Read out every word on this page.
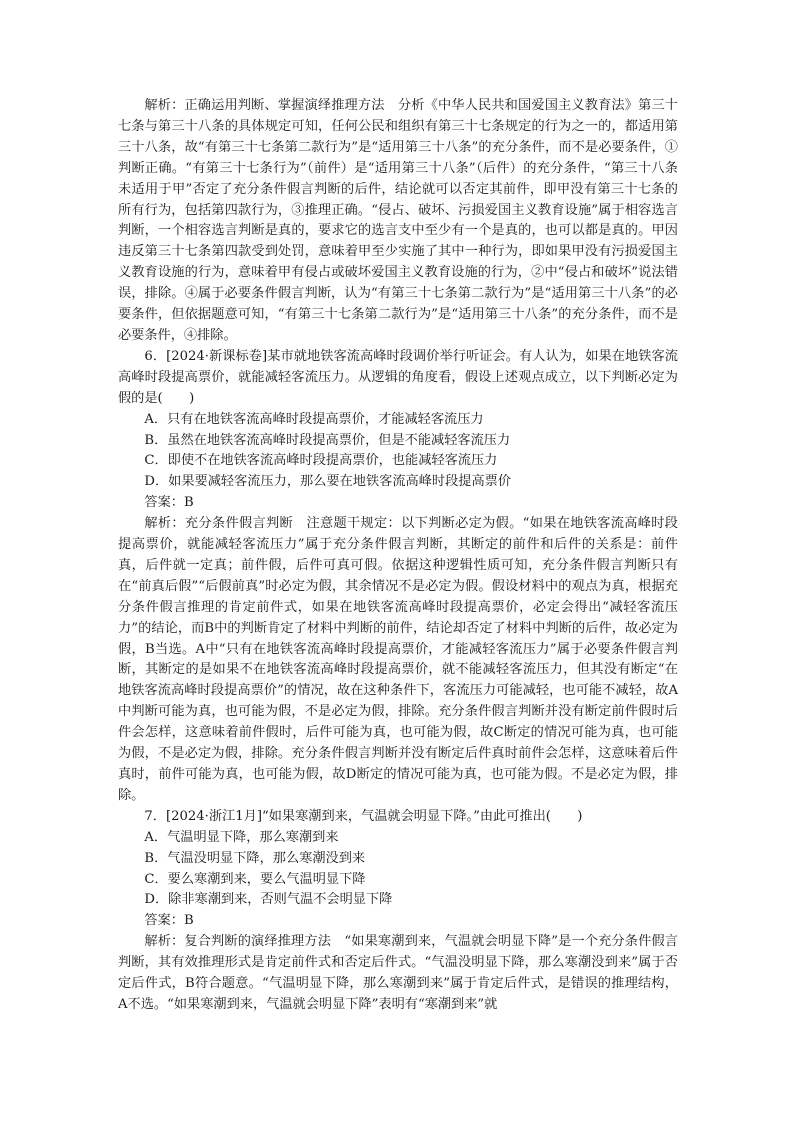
解析：正确运用判断、掌握演绎推理方法　分析《中华人民共和国爱国主义教育法》第三十七条与第三十八条的具体规定可知，任何公民和组织有第三十七条规定的行为之一的，都适用第三十八条，故“有第三十七条第二款行为”是“适用第三十八条”的充分条件，而不是必要条件，①判断正确。“有第三十七条行为”（前件）是“适用第三十八条”（后件）的充分条件，“第三十八条未适用于甲”否定了充分条件假言判断的后件，结论就可以否定其前件，即甲没有第三十七条的所有行为，包括第四款行为，③推理正确。“侵占、破坏、污损爱国主义教育设施”属于相容选言判断，一个相容选言判断是真的，要求它的选言支中至少有一个是真的，也可以都是真的。甲因违反第三十七条第四款受到处罚，意味着甲至少实施了其中一种行为，即如果甲没有污损爱国主义教育设施的行为，意味着甲有侵占或破坏爱国主义教育设施的行为，②中“侵占和破坏”说法错误，排除。④属于必要条件假言判断，认为“有第三十七条第二款行为”是“适用第三十八条”的必要条件，但依据题意可知，“有第三十七条第二款行为”是“适用第三十八条”的充分条件，而不是必要条件，④排除。

6．[2024·新课标卷]某市就地铁客流高峰时段调价举行听证会。有人认为，如果在地铁客流高峰时段提高票价，就能减轻客流压力。从逻辑的角度看，假设上述观点成立，以下判断必定为假的是(　　)

A．只有在地铁客流高峰时段提高票价，才能减轻客流压力

B．虽然在地铁客流高峰时段提高票价，但是不能减轻客流压力

C．即使不在地铁客流高峰时段提高票价，也能减轻客流压力

D．如果要减轻客流压力，那么要在地铁客流高峰时段提高票价

答案：B

解析：充分条件假言判断　注意题干规定：以下判断必定为假。“如果在地铁客流高峰时段提高票价，就能减轻客流压力”属于充分条件假言判断，其断定的前件和后件的关系是：前件真，后件就一定真；前件假，后件可真可假。依据这种逻辑性质可知，充分条件假言判断只有在“前真后假”“后假前真”时必定为假，其余情况不是必定为假。假设材料中的观点为真，根据充分条件假言推理的肯定前件式，如果在地铁客流高峰时段提高票价，必定会得出“减轻客流压力”的结论，而B中的判断肯定了材料中判断的前件，结论却否定了材料中判断的后件，故必定为假，B当选。A中“只有在地铁客流高峰时段提高票价，才能减轻客流压力”属于必要条件假言判断，其断定的是如果不在地铁客流高峰时段提高票价，就不能减轻客流压力，但其没有断定“在地铁客流高峰时段提高票价”的情况，故在这种条件下，客流压力可能减轻，也可能不减轻，故A中判断可能为真，也可能为假，不是必定为假，排除。充分条件假言判断并没有断定前件假时后件会怎样，这意味着前件假时，后件可能为真，也可能为假，故C断定的情况可能为真，也可能为假，不是必定为假，排除。充分条件假言判断并没有断定后件真时前件会怎样，这意味着后件真时，前件可能为真，也可能为假，故D断定的情况可能为真，也可能为假。不是必定为假，排除。

7．[2024·浙江1月]“如果寒潮到来，气温就会明显下降。”由此可推出(　　)

A．气温明显下降，那么寒潮到来

B．气温没明显下降，那么寒潮没到来

C．要么寒潮到来，要么气温明显下降

D．除非寒潮到来，否则气温不会明显下降

答案：B

解析：复合判断的演绎推理方法　“如果寒潮到来，气温就会明显下降”是一个充分条件假言判断，其有效推理形式是肯定前件式和否定后件式。“气温没明显下降，那么寒潮没到来”属于否定后件式，B符合题意。“气温明显下降，那么寒潮到来”属于肯定后件式，是错误的推理结构，A不选。“如果寒潮到来，气温就会明显下降”表明有“寒潮到来”就
